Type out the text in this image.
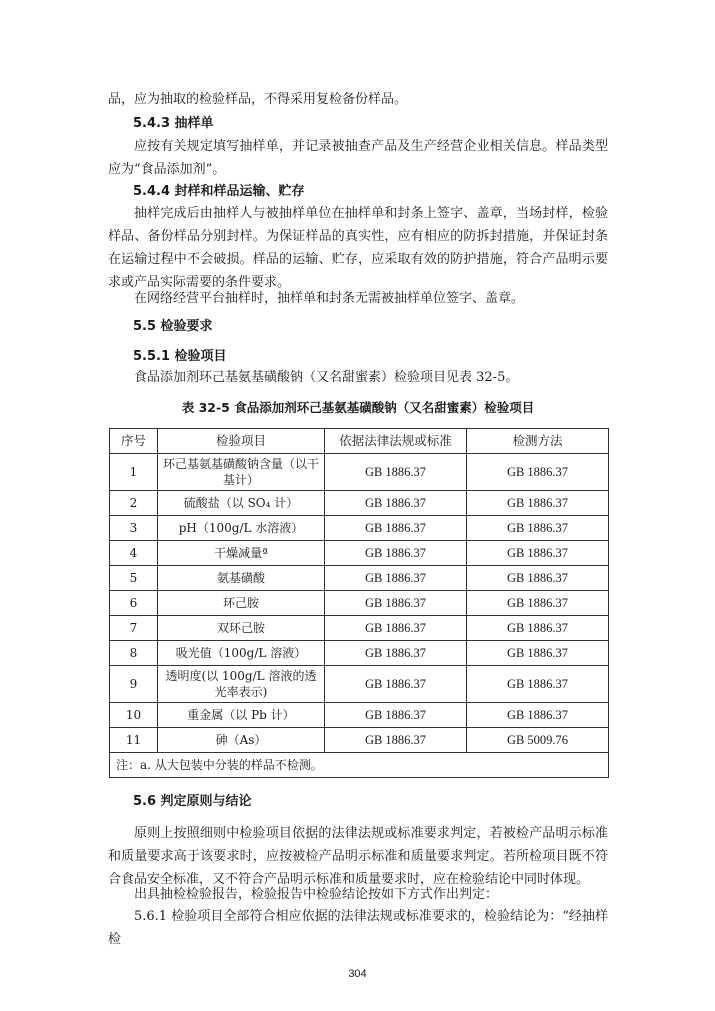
品，应为抽取的检验样品，不得采用复检备份样品。

5.4.3 抽样单

应按有关规定填写抽样单，并记录被抽查产品及生产经营企业相关信息。样品类型应为“食品添加剂”。

5.4.4 封样和样品运输、贮存

抽样完成后由抽样人与被抽样单位在抽样单和封条上签字、盖章，当场封样，检验样品、备份样品分别封样。为保证样品的真实性，应有相应的防拆封措施，并保证封条在运输过程中不会破损。样品的运输、贮存，应采取有效的防护措施，符合产品明示要求或产品实际需要的条件要求。

在网络经营平台抽样时，抽样单和封条无需被抽样单位签字、盖章。

5.5 检验要求

5.5.1 检验项目

食品添加剂环己基氨基磺酸钠（又名甜蜜素）检验项目见表 32-5。

表 32-5 食品添加剂环己基氨基磺酸钠（又名甜蜜素）检验项目
序号	检验项目	依据法律法规或标准	检测方法
1	环己基氨基磺酸钠含量（以干基计）	GB 1886.37	GB 1886.37
2	硫酸盐（以 SO₄ 计）	GB 1886.37	GB 1886.37
3	pH（100g/L 水溶液）	GB 1886.37	GB 1886.37
4	干燥减量ª	GB 1886.37	GB 1886.37
5	氨基磺酸	GB 1886.37	GB 1886.37
6	环己胺	GB 1886.37	GB 1886.37
7	双环己胺	GB 1886.37	GB 1886.37
8	吸光值（100g/L 溶液）	GB 1886.37	GB 1886.37
9	透明度(以 100g/L 溶液的透光率表示)	GB 1886.37	GB 1886.37
10	重金属（以 Pb 计）	GB 1886.37	GB 1886.37
11	砷（As）	GB 1886.37	GB 5009.76
注：a. 从大包装中分装的样品不检测。			

5.6 判定原则与结论

原则上按照细则中检验项目依据的法律法规或标准要求判定，若被检产品明示标准和质量要求高于该要求时，应按被检产品明示标准和质量要求判定。若所检项目既不符合食品安全标准，又不符合产品明示标准和质量要求时，应在检验结论中同时体现。

出具抽检检验报告，检验报告中检验结论按如下方式作出判定：

5.6.1 检验项目全部符合相应依据的法律法规或标准要求的，检验结论为：“经抽样检

304
